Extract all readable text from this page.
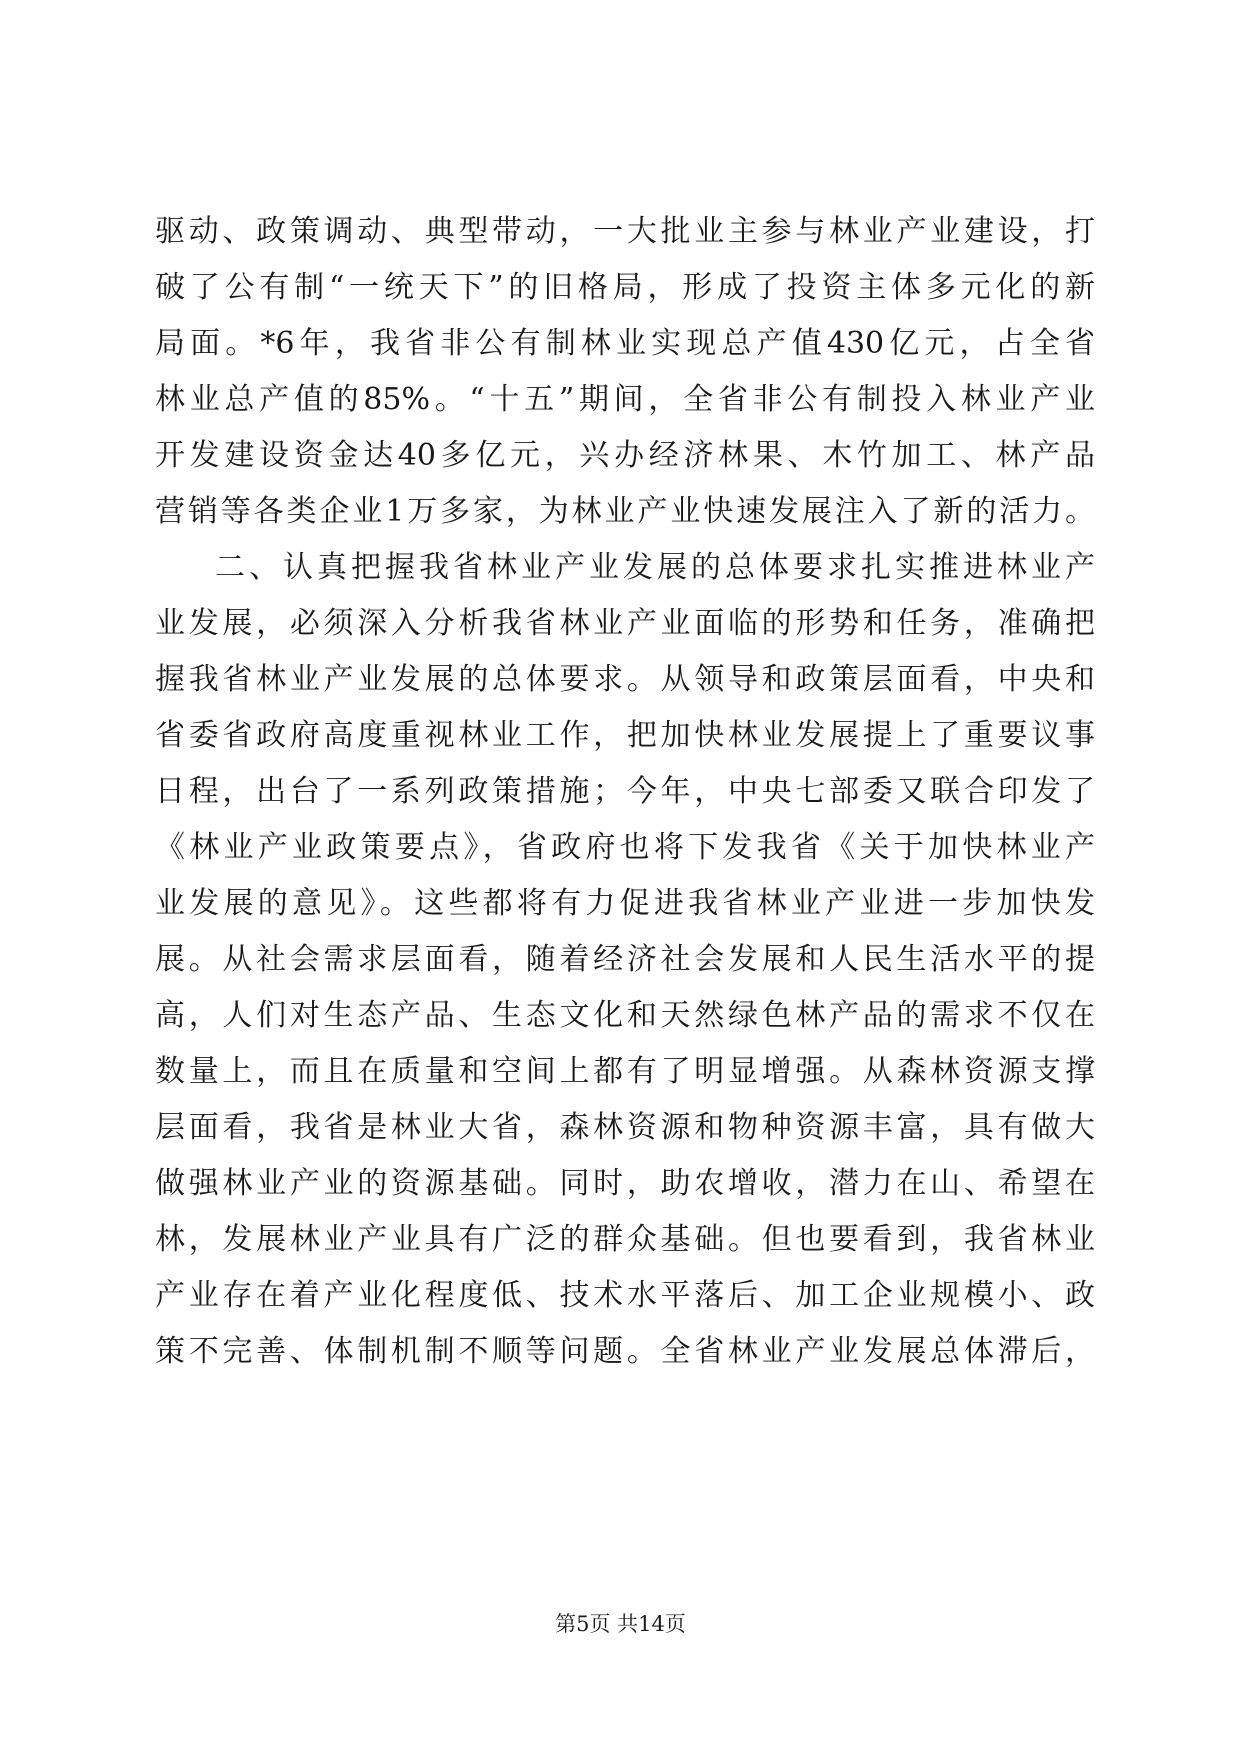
驱动、政策调动、典型带动，一大批业主参与林业产业建设，打
破了公有制“一统天下”的旧格局，形成了投资主体多元化的新
局面。*6年，我省非公有制林业实现总产值430亿元，占全省
林业总产值的85%。“十五”期间，全省非公有制投入林业产业
开发建设资金达40多亿元，兴办经济林果、木竹加工、林产品
营销等各类企业1万多家，为林业产业快速发展注入了新的活力。
二、认真把握我省林业产业发展的总体要求扎实推进林业产
业发展，必须深入分析我省林业产业面临的形势和任务，准确把
握我省林业产业发展的总体要求。从领导和政策层面看，中央和
省委省政府高度重视林业工作，把加快林业发展提上了重要议事
日程，出台了一系列政策措施；今年，中央七部委又联合印发了
《林业产业政策要点》，省政府也将下发我省《关于加快林业产
业发展的意见》。这些都将有力促进我省林业产业进一步加快发
展。从社会需求层面看，随着经济社会发展和人民生活水平的提
高，人们对生态产品、生态文化和天然绿色林产品的需求不仅在
数量上，而且在质量和空间上都有了明显增强。从森林资源支撑
层面看，我省是林业大省，森林资源和物种资源丰富，具有做大
做强林业产业的资源基础。同时，助农增收，潜力在山、希望在
林，发展林业产业具有广泛的群众基础。但也要看到，我省林业
产业存在着产业化程度低、技术水平落后、加工企业规模小、政
策不完善、体制机制不顺等问题。全省林业产业发展总体滞后，
第5页 共14页
